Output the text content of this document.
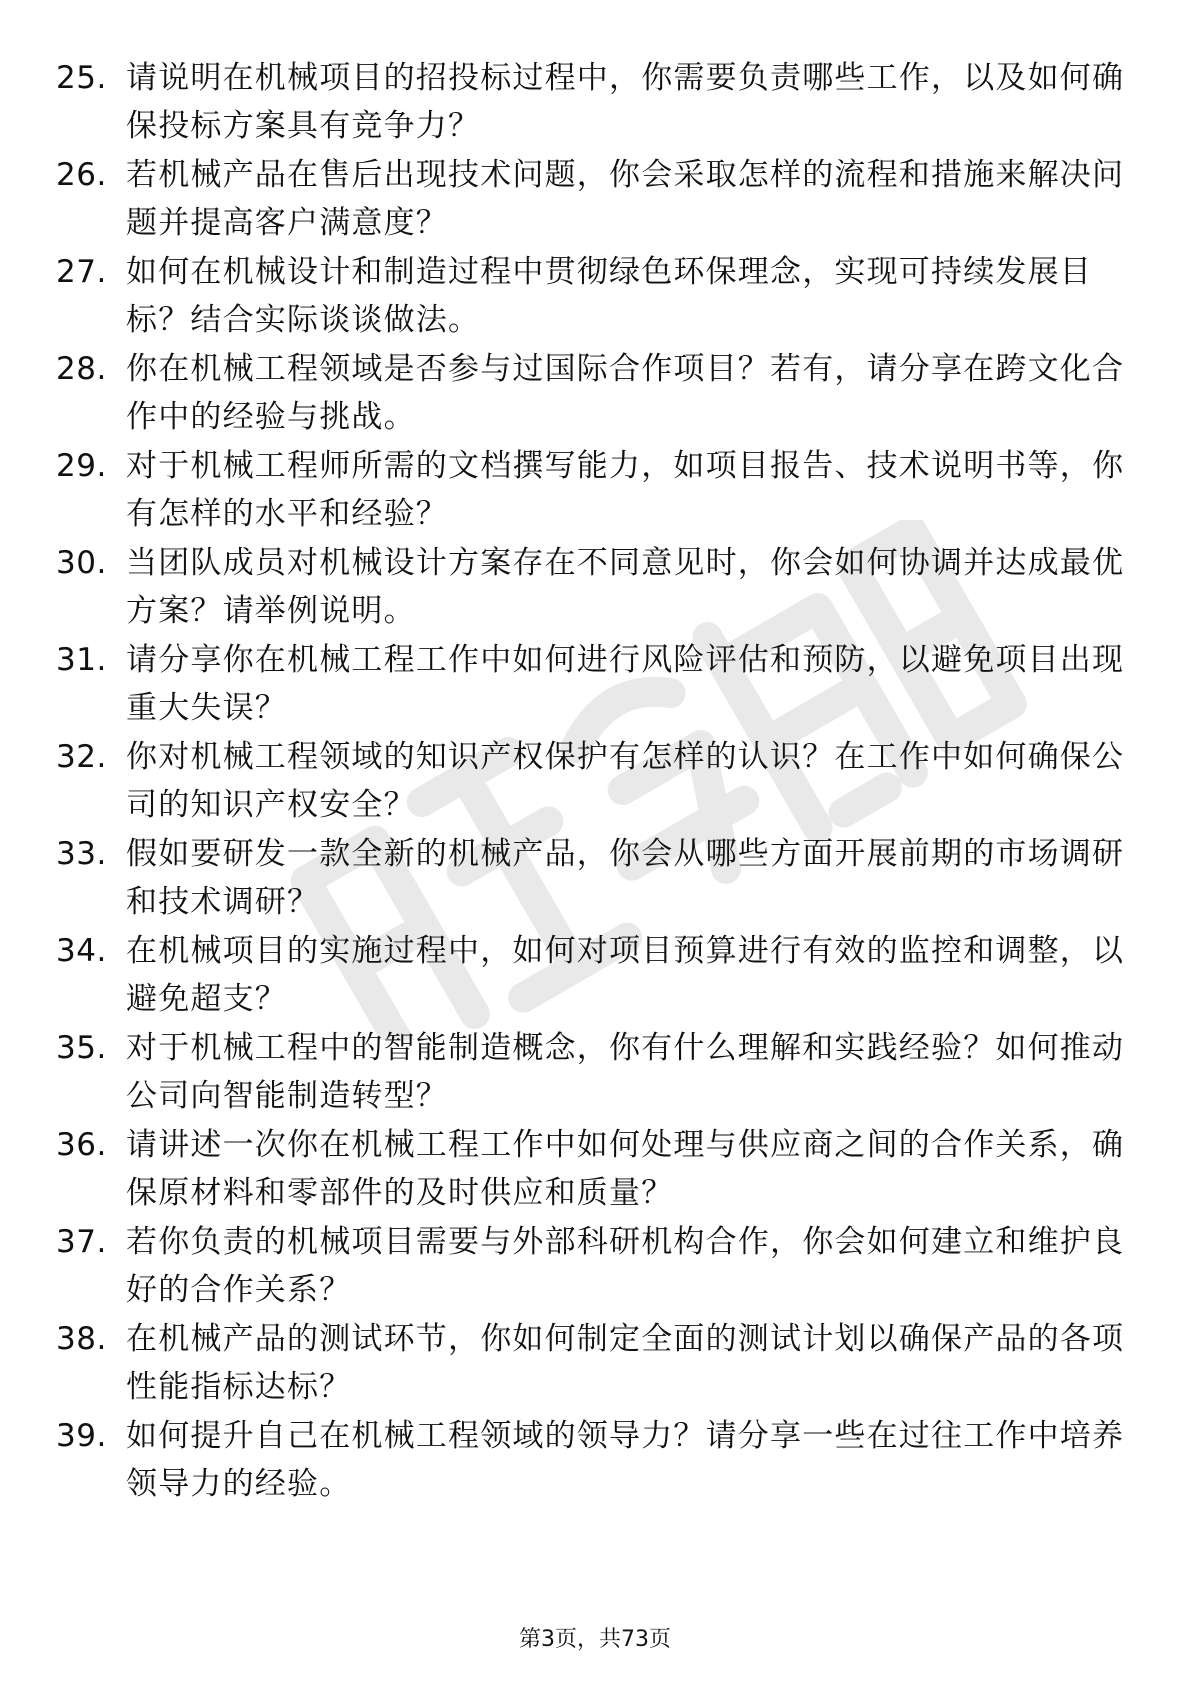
25. 请说明在机械项目的招投标过程中，你需要负责哪些工作，以及如何确保投标方案具有竞争力？
26. 若机械产品在售后出现技术问题，你会采取怎样的流程和措施来解决问题并提高客户满意度？
27. 如何在机械设计和制造过程中贯彻绿色环保理念，实现可持续发展目标？结合实际谈谈做法。
28. 你在机械工程领域是否参与过国际合作项目？若有，请分享在跨文化合作中的经验与挑战。
29. 对于机械工程师所需的文档撰写能力，如项目报告、技术说明书等，你有怎样的水平和经验？
30. 当团队成员对机械设计方案存在不同意见时，你会如何协调并达成最优方案？请举例说明。
31. 请分享你在机械工程工作中如何进行风险评估和预防，以避免项目出现重大失误？
32. 你对机械工程领域的知识产权保护有怎样的认识？在工作中如何确保公司的知识产权安全？
33. 假如要研发一款全新的机械产品，你会从哪些方面开展前期的市场调研和技术调研？
34. 在机械项目的实施过程中，如何对项目预算进行有效的监控和调整，以避免超支？
35. 对于机械工程中的智能制造概念，你有什么理解和实践经验？如何推动公司向智能制造转型？
36. 请讲述一次你在机械工程工作中如何处理与供应商之间的合作关系，确保原材料和零部件的及时供应和质量？
37. 若你负责的机械项目需要与外部科研机构合作，你会如何建立和维护良好的合作关系？
38. 在机械产品的测试环节，你如何制定全面的测试计划以确保产品的各项性能指标达标？
39. 如何提升自己在机械工程领域的领导力？请分享一些在过往工作中培养领导力的经验。
第3页，共73页
